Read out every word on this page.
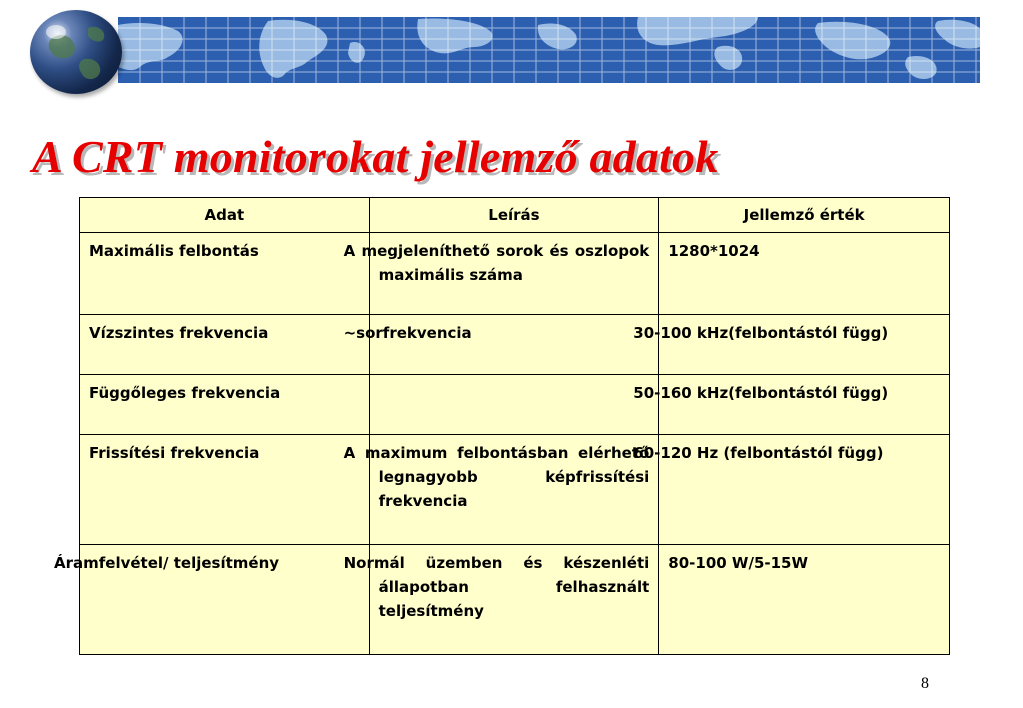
A CRT monitorokat jellemző adatok
Adat	Leírás	Jellemző érték
Maximális felbontás	A megjeleníthető sorok és oszlopok maximális száma	1280*1024
Vízszintes frekvencia	~sorfrekvencia	30-100 kHz(felbontástól függ)
Függőleges frekvencia		50-160 kHz(felbontástól függ)
Frissítési frekvencia	A maximum felbontásban elérhető legnagyobb képfrissítési frekvencia	60-120 Hz (felbontástól függ)
Áramfelvétel/ teljesítmény	Normál üzemben és készenléti állapotban felhasznált teljesítmény	80-100 W/5-15W
8
